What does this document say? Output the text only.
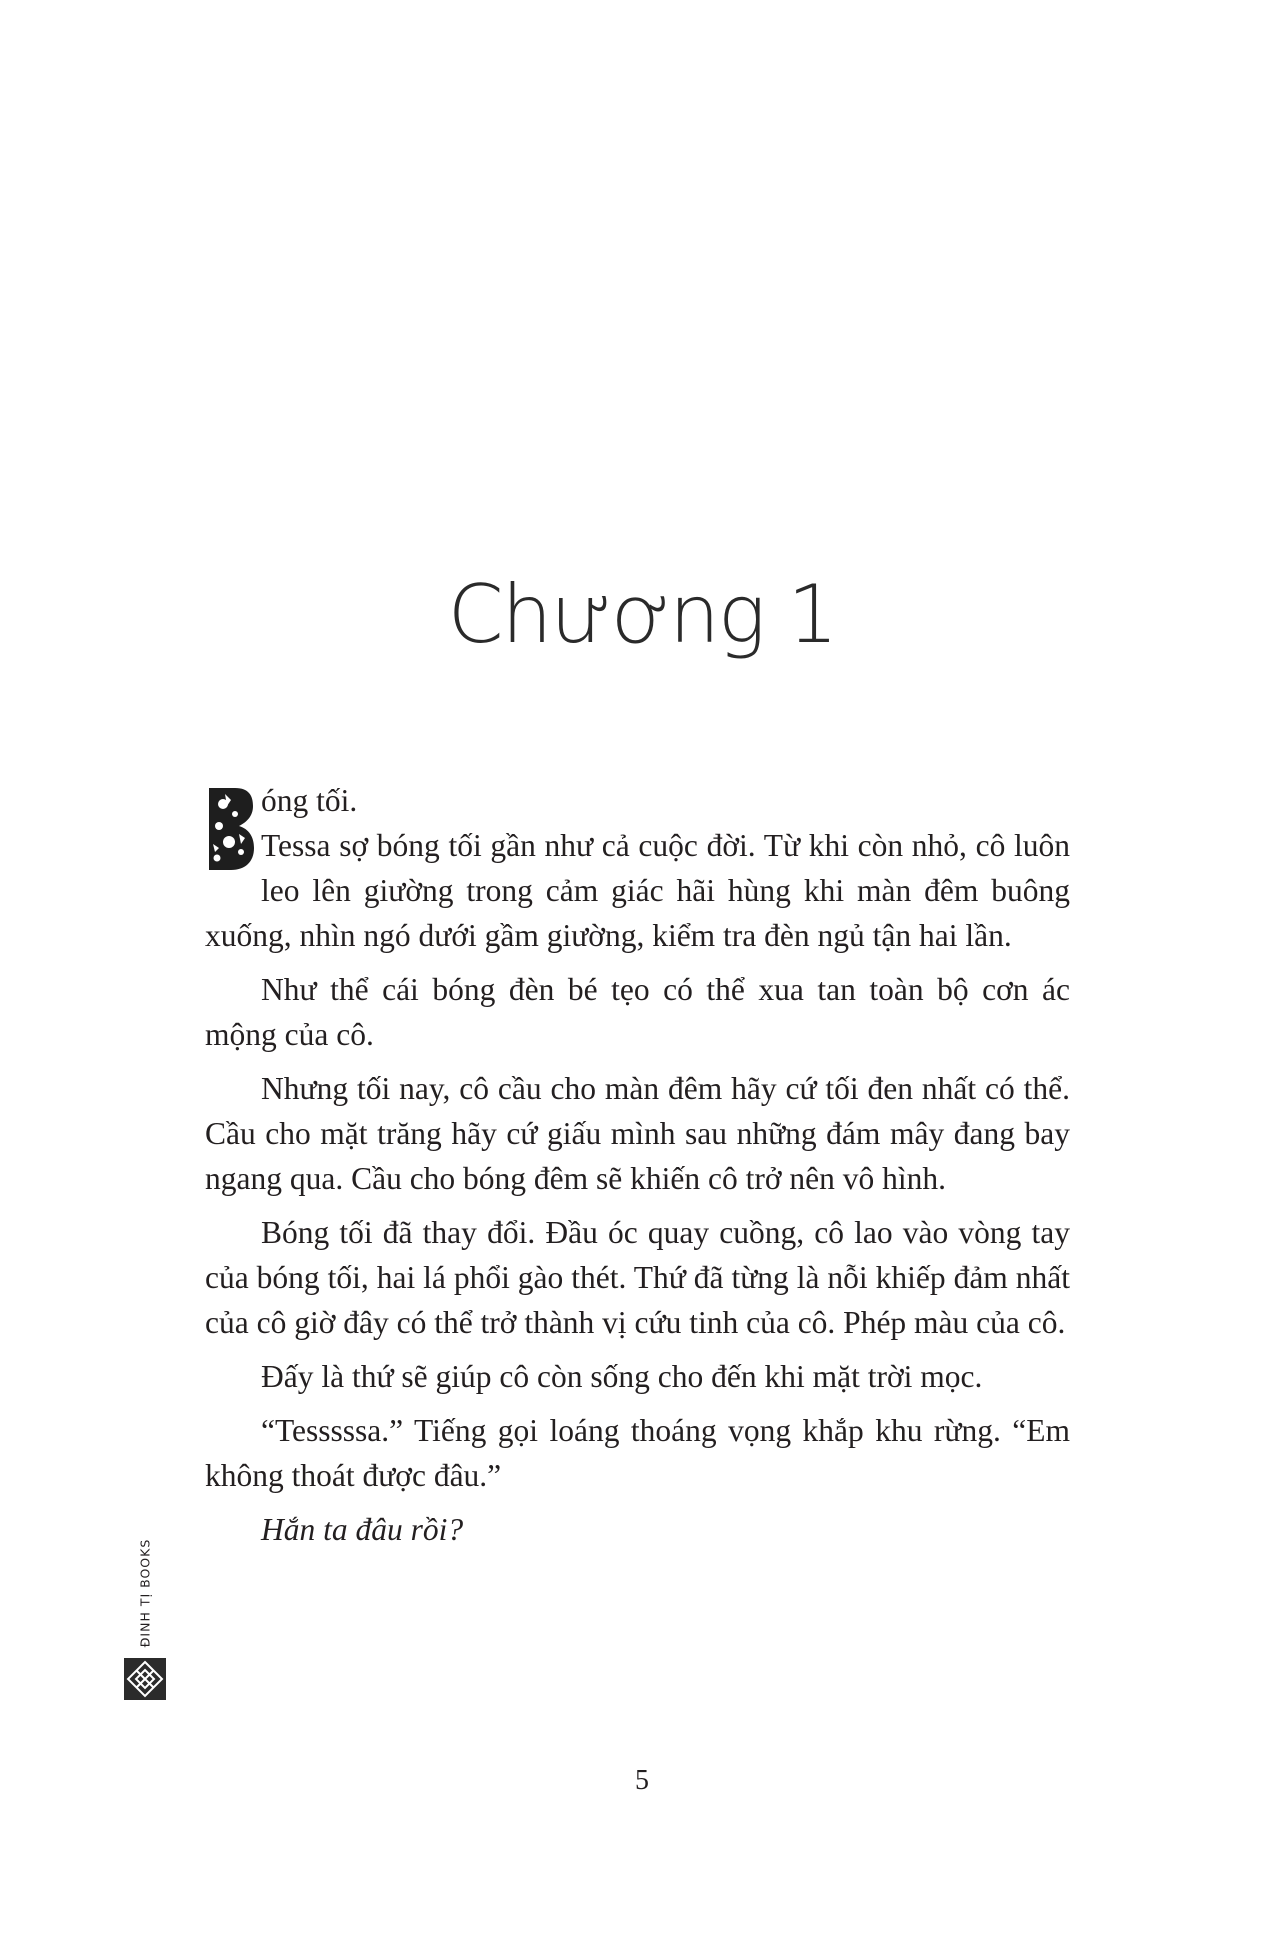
Chương 1

óng tối.
Tessa sợ bóng tối gần như cả cuộc đời. Từ khi còn nhỏ, cô luôn leo lên giường trong cảm giác hãi hùng khi màn đêm buông xuống, nhìn ngó dưới gầm giường, kiểm tra đèn ngủ tận hai lần.

Như thể cái bóng đèn bé tẹo có thể xua tan toàn bộ cơn ác mộng của cô.

Nhưng tối nay, cô cầu cho màn đêm hãy cứ tối đen nhất có thể. Cầu cho mặt trăng hãy cứ giấu mình sau những đám mây đang bay ngang qua. Cầu cho bóng đêm sẽ khiến cô trở nên vô hình.

Bóng tối đã thay đổi. Đầu óc quay cuồng, cô lao vào vòng tay của bóng tối, hai lá phổi gào thét. Thứ đã từng là nỗi khiếp đảm nhất của cô giờ đây có thể trở thành vị cứu tinh của cô. Phép màu của cô.

Đấy là thứ sẽ giúp cô còn sống cho đến khi mặt trời mọc.

“Tesssssa.” Tiếng gọi loáng thoáng vọng khắp khu rừng. “Em không thoát được đâu.”

Hắn ta đâu rồi?

5
ĐINH TỊ BOOKS
